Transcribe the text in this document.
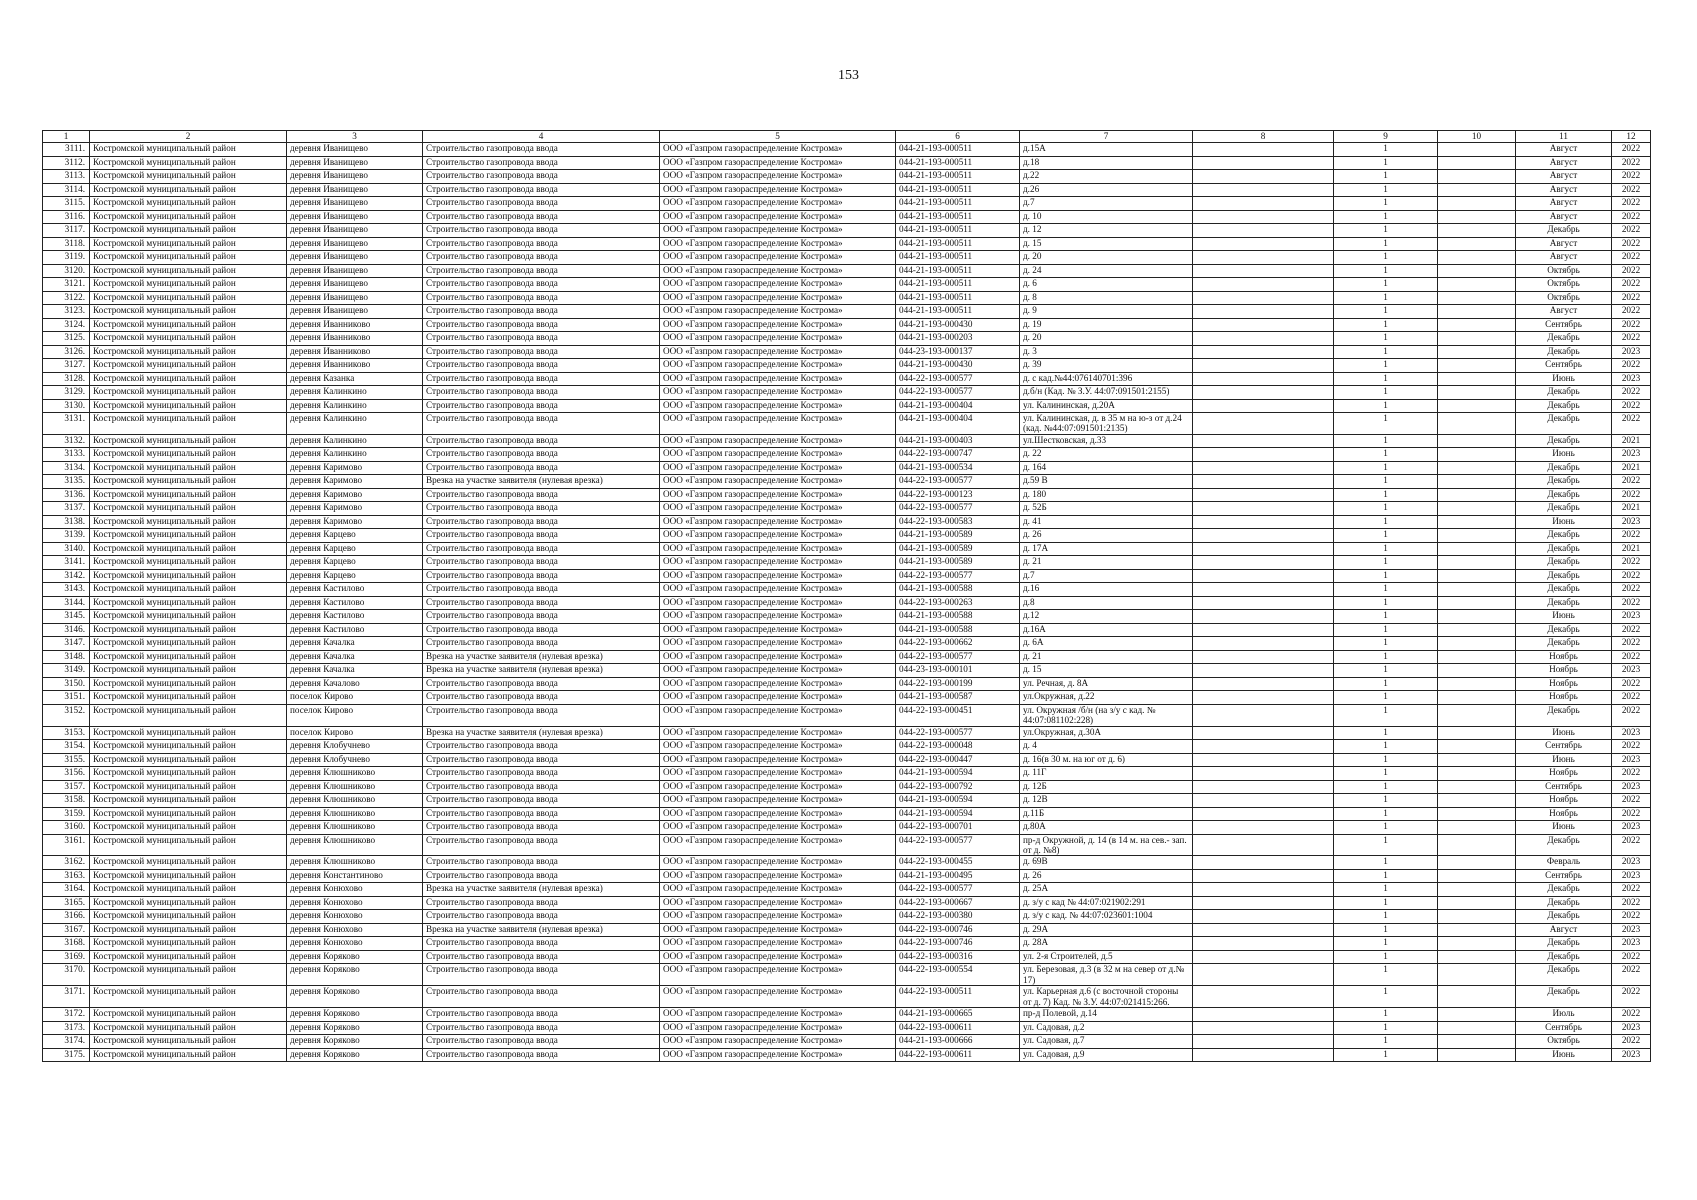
153
1	2	3	4	5	6	7	8	9	10	11	12
3111.	Костромской муниципальный район	деревня Иванищево	Строительство газопровода ввода	ООО «Газпром газораспределение Кострома»	044-21-193-000511	д.15А		1		Август	2022
3112.	Костромской муниципальный район	деревня Иванищево	Строительство газопровода ввода	ООО «Газпром газораспределение Кострома»	044-21-193-000511	д.18		1		Август	2022
3113.	Костромской муниципальный район	деревня Иванищево	Строительство газопровода ввода	ООО «Газпром газораспределение Кострома»	044-21-193-000511	д.22		1		Август	2022
3114.	Костромской муниципальный район	деревня Иванищево	Строительство газопровода ввода	ООО «Газпром газораспределение Кострома»	044-21-193-000511	д.26		1		Август	2022
3115.	Костромской муниципальный район	деревня Иванищево	Строительство газопровода ввода	ООО «Газпром газораспределение Кострома»	044-21-193-000511	д.7		1		Август	2022
3116.	Костромской муниципальный район	деревня Иванищево	Строительство газопровода ввода	ООО «Газпром газораспределение Кострома»	044-21-193-000511	д. 10		1		Август	2022
3117.	Костромской муниципальный район	деревня Иванищево	Строительство газопровода ввода	ООО «Газпром газораспределение Кострома»	044-21-193-000511	д. 12		1		Декабрь	2022
3118.	Костромской муниципальный район	деревня Иванищево	Строительство газопровода ввода	ООО «Газпром газораспределение Кострома»	044-21-193-000511	д. 15		1		Август	2022
3119.	Костромской муниципальный район	деревня Иванищево	Строительство газопровода ввода	ООО «Газпром газораспределение Кострома»	044-21-193-000511	д. 20		1		Август	2022
3120.	Костромской муниципальный район	деревня Иванищево	Строительство газопровода ввода	ООО «Газпром газораспределение Кострома»	044-21-193-000511	д. 24		1		Октябрь	2022
3121.	Костромской муниципальный район	деревня Иванищево	Строительство газопровода ввода	ООО «Газпром газораспределение Кострома»	044-21-193-000511	д. 6		1		Октябрь	2022
3122.	Костромской муниципальный район	деревня Иванищево	Строительство газопровода ввода	ООО «Газпром газораспределение Кострома»	044-21-193-000511	д. 8		1		Октябрь	2022
3123.	Костромской муниципальный район	деревня Иванищево	Строительство газопровода ввода	ООО «Газпром газораспределение Кострома»	044-21-193-000511	д. 9		1		Август	2022
3124.	Костромской муниципальный район	деревня Иванниково	Строительство газопровода ввода	ООО «Газпром газораспределение Кострома»	044-21-193-000430	д. 19		1		Сентябрь	2022
3125.	Костромской муниципальный район	деревня Иванниково	Строительство газопровода ввода	ООО «Газпром газораспределение Кострома»	044-21-193-000203	д. 20		1		Декабрь	2022
3126.	Костромской муниципальный район	деревня Иванниково	Строительство газопровода ввода	ООО «Газпром газораспределение Кострома»	044-23-193-000137	д. 3		1		Декабрь	2023
3127.	Костромской муниципальный район	деревня Иванниково	Строительство газопровода ввода	ООО «Газпром газораспределение Кострома»	044-21-193-000430	д. 39		1		Сентябрь	2022
3128.	Костромской муниципальный район	деревня Казанка	Строительство газопровода ввода	ООО «Газпром газораспределение Кострома»	044-22-193-000577	д. с кад.№44:076140701:396		1		Июнь	2023
3129.	Костромской муниципальный район	деревня Калинкино	Строительство газопровода ввода	ООО «Газпром газораспределение Кострома»	044-22-193-000577	д.б/н (Кад. № З.У. 44:07:091501:2155)		1		Декабрь	2022
3130.	Костромской муниципальный район	деревня Калинкино	Строительство газопровода ввода	ООО «Газпром газораспределение Кострома»	044-21-193-000404	ул. Калининская, д.20А		1		Декабрь	2022
3131.	Костромской муниципальный район	деревня Калинкино	Строительство газопровода ввода	ООО «Газпром газораспределение Кострома»	044-21-193-000404	ул. Калининская, д. в 35 м на ю-з от д.24 (кад. №44:07:091501:2135)		1		Декабрь	2022
3132.	Костромской муниципальный район	деревня Калинкино	Строительство газопровода ввода	ООО «Газпром газораспределение Кострома»	044-21-193-000403	ул.Шестковская, д.33		1		Декабрь	2021
3133.	Костромской муниципальный район	деревня Калинкино	Строительство газопровода ввода	ООО «Газпром газораспределение Кострома»	044-22-193-000747	д. 22		1		Июнь	2023
3134.	Костромской муниципальный район	деревня Каримово	Строительство газопровода ввода	ООО «Газпром газораспределение Кострома»	044-21-193-000534	д. 164		1		Декабрь	2021
3135.	Костромской муниципальный район	деревня Каримово	Врезка на участке заявителя (нулевая врезка)	ООО «Газпром газораспределение Кострома»	044-22-193-000577	д.59 В		1		Декабрь	2022
3136.	Костромской муниципальный район	деревня Каримово	Строительство газопровода ввода	ООО «Газпром газораспределение Кострома»	044-22-193-000123	д. 180		1		Декабрь	2022
3137.	Костромской муниципальный район	деревня Каримово	Строительство газопровода ввода	ООО «Газпром газораспределение Кострома»	044-22-193-000577	д. 52Б		1		Декабрь	2021
3138.	Костромской муниципальный район	деревня Каримово	Строительство газопровода ввода	ООО «Газпром газораспределение Кострома»	044-22-193-000583	д. 41		1		Июнь	2023
3139.	Костромской муниципальный район	деревня Карцево	Строительство газопровода ввода	ООО «Газпром газораспределение Кострома»	044-21-193-000589	д. 26		1		Декабрь	2022
3140.	Костромской муниципальный район	деревня Карцево	Строительство газопровода ввода	ООО «Газпром газораспределение Кострома»	044-21-193-000589	д. 17А		1		Декабрь	2021
3141.	Костромской муниципальный район	деревня Карцево	Строительство газопровода ввода	ООО «Газпром газораспределение Кострома»	044-21-193-000589	д. 21		1		Декабрь	2022
3142.	Костромской муниципальный район	деревня Карцево	Строительство газопровода ввода	ООО «Газпром газораспределение Кострома»	044-22-193-000577	д.7		1		Декабрь	2022
3143.	Костромской муниципальный район	деревня Кастилово	Строительство газопровода ввода	ООО «Газпром газораспределение Кострома»	044-21-193-000588	д.16		1		Декабрь	2022
3144.	Костромской муниципальный район	деревня Кастилово	Строительство газопровода ввода	ООО «Газпром газораспределение Кострома»	044-22-193-000263	д.8		1		Декабрь	2022
3145.	Костромской муниципальный район	деревня Кастилово	Строительство газопровода ввода	ООО «Газпром газораспределение Кострома»	044-21-193-000588	д.12		1		Июнь	2023
3146.	Костромской муниципальный район	деревня Кастилово	Строительство газопровода ввода	ООО «Газпром газораспределение Кострома»	044-21-193-000588	д.16А		1		Декабрь	2022
3147.	Костромской муниципальный район	деревня Качалка	Строительство газопровода ввода	ООО «Газпром газораспределение Кострома»	044-22-193-000662	д. 6А		1		Декабрь	2022
3148.	Костромской муниципальный район	деревня Качалка	Врезка на участке заявителя (нулевая врезка)	ООО «Газпром газораспределение Кострома»	044-22-193-000577	д. 21		1		Ноябрь	2022
3149.	Костромской муниципальный район	деревня Качалка	Врезка на участке заявителя (нулевая врезка)	ООО «Газпром газораспределение Кострома»	044-23-193-000101	д. 15		1		Ноябрь	2023
3150.	Костромской муниципальный район	деревня Качалово	Строительство газопровода ввода	ООО «Газпром газораспределение Кострома»	044-22-193-000199	ул. Речная, д. 8А		1		Ноябрь	2022
3151.	Костромской муниципальный район	поселок Кирово	Строительство газопровода ввода	ООО «Газпром газораспределение Кострома»	044-21-193-000587	ул.Окружная, д.22		1		Ноябрь	2022
3152.	Костромской муниципальный район	поселок Кирово	Строительство газопровода ввода	ООО «Газпром газораспределение Кострома»	044-22-193-000451	ул. Окружная /б/н (на з/у с кад. № 44:07:081102:228)		1		Декабрь	2022
3153.	Костромской муниципальный район	поселок Кирово	Врезка на участке заявителя (нулевая врезка)	ООО «Газпром газораспределение Кострома»	044-22-193-000577	ул.Окружная, д.30А		1		Июнь	2023
3154.	Костромской муниципальный район	деревня Клобучнево	Строительство газопровода ввода	ООО «Газпром газораспределение Кострома»	044-22-193-000048	д. 4		1		Сентябрь	2022
3155.	Костромской муниципальный район	деревня Клобучнево	Строительство газопровода ввода	ООО «Газпром газораспределение Кострома»	044-22-193-000447	д. 16(в 30 м. на юг от д. 6)		1		Июнь	2023
3156.	Костромской муниципальный район	деревня Клюшниково	Строительство газопровода ввода	ООО «Газпром газораспределение Кострома»	044-21-193-000594	д. 11Г		1		Ноябрь	2022
3157.	Костромской муниципальный район	деревня Клюшниково	Строительство газопровода ввода	ООО «Газпром газораспределение Кострома»	044-22-193-000792	д. 12Б		1		Сентябрь	2023
3158.	Костромской муниципальный район	деревня Клюшниково	Строительство газопровода ввода	ООО «Газпром газораспределение Кострома»	044-21-193-000594	д. 12В		1		Ноябрь	2022
3159.	Костромской муниципальный район	деревня Клюшниково	Строительство газопровода ввода	ООО «Газпром газораспределение Кострома»	044-21-193-000594	д.11Б		1		Ноябрь	2022
3160.	Костромской муниципальный район	деревня Клюшниково	Строительство газопровода ввода	ООО «Газпром газораспределение Кострома»	044-22-193-000701	д.80А		1		Июнь	2023
3161.	Костромской муниципальный район	деревня Клюшниково	Строительство газопровода ввода	ООО «Газпром газораспределение Кострома»	044-22-193-000577	пр-д Окружной, д. 14 (в 14 м. на сев.- зап. от д. №8)		1		Декабрь	2022
3162.	Костромской муниципальный район	деревня Клюшниково	Строительство газопровода ввода	ООО «Газпром газораспределение Кострома»	044-22-193-000455	д. 69В		1		Февраль	2023
3163.	Костромской муниципальный район	деревня Константиново	Строительство газопровода ввода	ООО «Газпром газораспределение Кострома»	044-21-193-000495	д. 26		1		Сентябрь	2023
3164.	Костромской муниципальный район	деревня Конюхово	Врезка на участке заявителя (нулевая врезка)	ООО «Газпром газораспределение Кострома»	044-22-193-000577	д. 25А		1		Декабрь	2022
3165.	Костромской муниципальный район	деревня Конюхово	Строительство газопровода ввода	ООО «Газпром газораспределение Кострома»	044-22-193-000667	д. з/у с кад № 44:07:021902:291		1		Декабрь	2022
3166.	Костромской муниципальный район	деревня Конюхово	Строительство газопровода ввода	ООО «Газпром газораспределение Кострома»	044-22-193-000380	д. з/у с кад. № 44:07:023601:1004		1		Декабрь	2022
3167.	Костромской муниципальный район	деревня Конюхово	Врезка на участке заявителя (нулевая врезка)	ООО «Газпром газораспределение Кострома»	044-22-193-000746	д. 29А		1		Август	2023
3168.	Костромской муниципальный район	деревня Конюхово	Строительство газопровода ввода	ООО «Газпром газораспределение Кострома»	044-22-193-000746	д. 28А		1		Декабрь	2023
3169.	Костромской муниципальный район	деревня Коряково	Строительство газопровода ввода	ООО «Газпром газораспределение Кострома»	044-22-193-000316	ул. 2-я Строителей, д.5		1		Декабрь	2022
3170.	Костромской муниципальный район	деревня Коряково	Строительство газопровода ввода	ООО «Газпром газораспределение Кострома»	044-22-193-000554	ул. Березовая, д.3 (в 32 м на север от д.№ 17)		1		Декабрь	2022
3171.	Костромской муниципальный район	деревня Коряково	Строительство газопровода ввода	ООО «Газпром газораспределение Кострома»	044-22-193-000511	ул. Карьерная д.6 (с восточной стороны от д. 7) Кад. № З.У. 44:07:021415:266.		1		Декабрь	2022
3172.	Костромской муниципальный район	деревня Коряково	Строительство газопровода ввода	ООО «Газпром газораспределение Кострома»	044-21-193-000665	пр-д Полевой, д.14		1		Июль	2022
3173.	Костромской муниципальный район	деревня Коряково	Строительство газопровода ввода	ООО «Газпром газораспределение Кострома»	044-22-193-000611	ул. Садовая, д.2		1		Сентябрь	2023
3174.	Костромской муниципальный район	деревня Коряково	Строительство газопровода ввода	ООО «Газпром газораспределение Кострома»	044-21-193-000666	ул. Садовая, д.7		1		Октябрь	2022
3175.	Костромской муниципальный район	деревня Коряково	Строительство газопровода ввода	ООО «Газпром газораспределение Кострома»	044-22-193-000611	ул. Садовая, д.9		1		Июнь	2023
